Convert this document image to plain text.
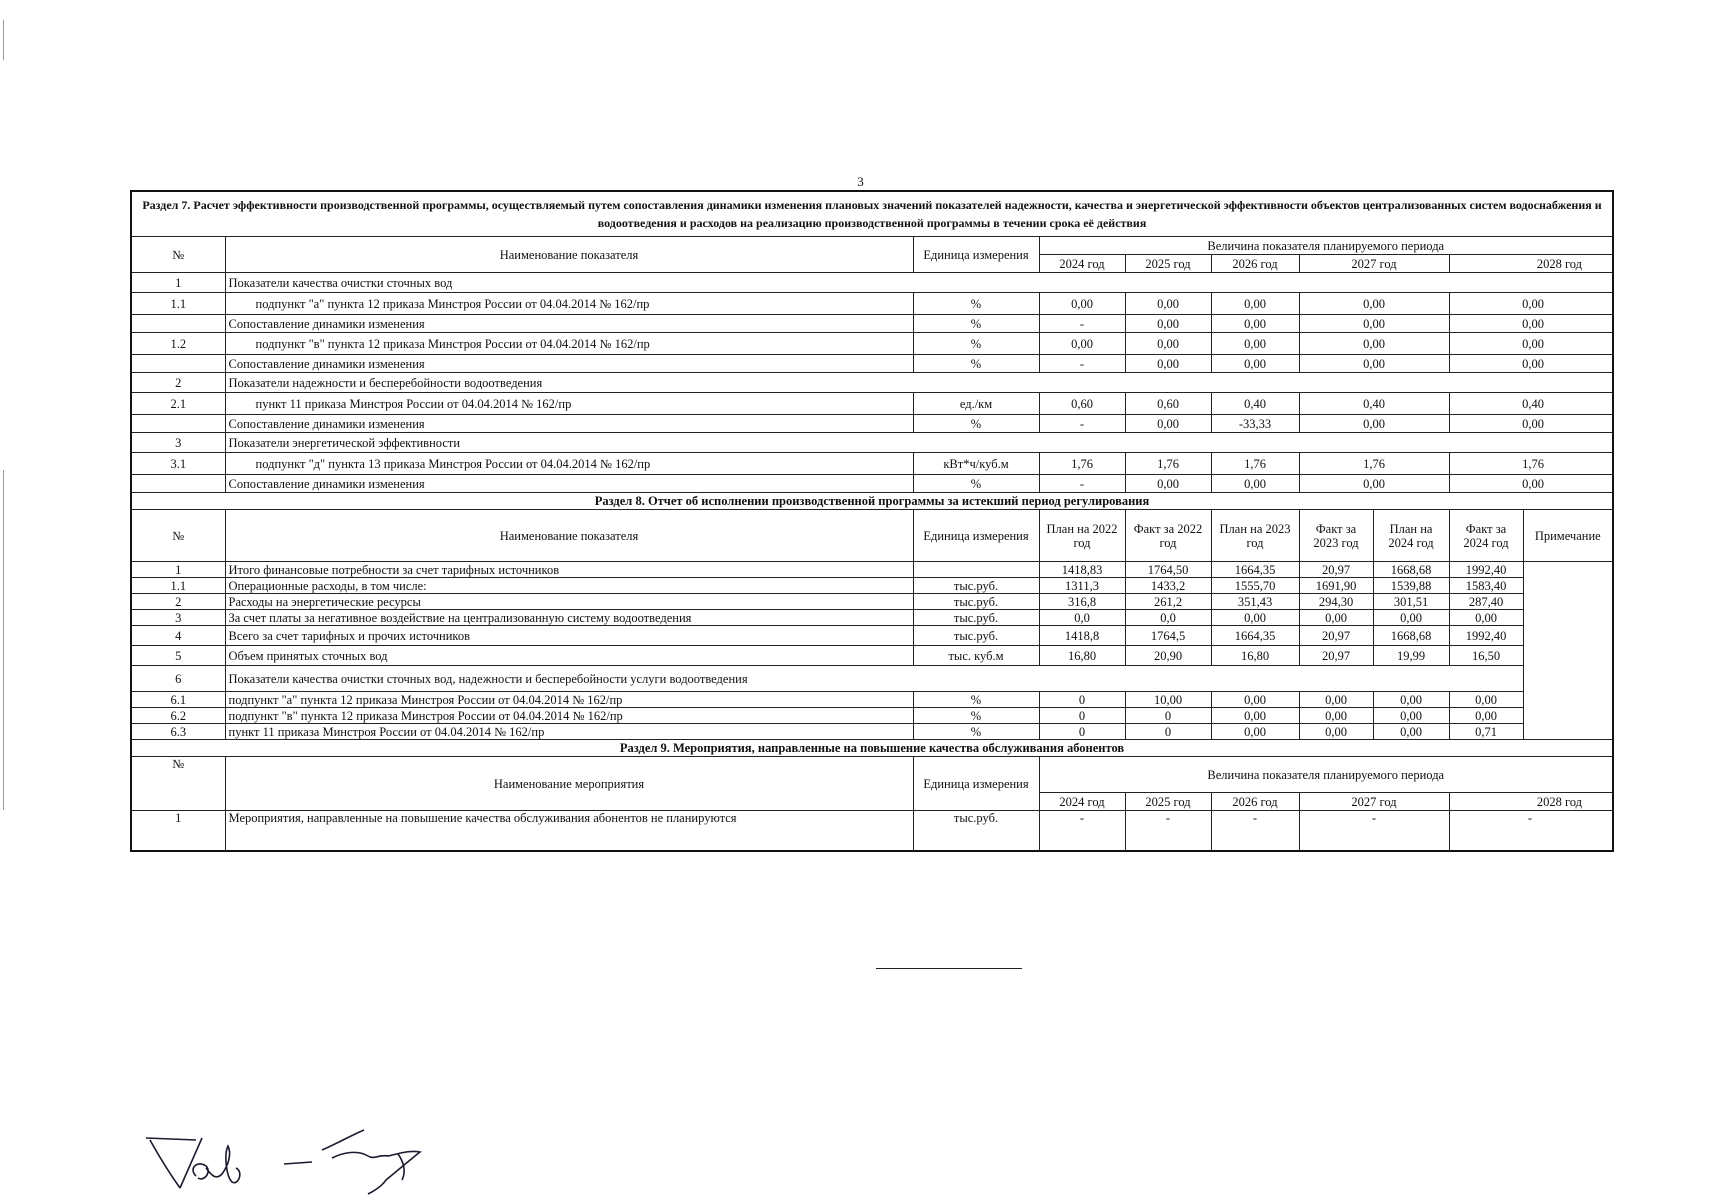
3
Раздел 7. Расчет эффективности производственной программы, осуществляемый путем сопоставления динамики изменения плановых значений показателей надежности, качества и энергетической эффективности объектов централизованных систем водоснабжения и водоотведения и расходов на реализацию производственной программы в течении срока её действия									
№	Наименование показателя	Единица измерения	Величина показателя планируемого периода						
			2024 год	2025 год	2026 год	2027 год		2028 год	
1	Показатели качества очистки сточных вод								
1.1	подпункт "а" пункта 12 приказа Минстроя России от 04.04.2014 № 162/пр	%	0,00	0,00	0,00	0,00		0,00	
	Сопоставление динамики изменения	%	-	0,00	0,00	0,00		0,00	
1.2	подпункт "в" пункта 12 приказа Минстроя России от 04.04.2014 № 162/пр	%	0,00	0,00	0,00	0,00		0,00	
	Сопоставление динамики изменения	%	-	0,00	0,00	0,00		0,00	
2	Показатели надежности и бесперебойности водоотведения								
2.1	пункт 11 приказа Минстроя России от 04.04.2014 № 162/пр	ед./км	0,60	0,60	0,40	0,40		0,40	
	Сопоставление динамики изменения	%	-	0,00	-33,33	0,00		0,00	
3	Показатели энергетической эффективности								
3.1	подпункт "д" пункта 13 приказа Минстроя России от 04.04.2014 № 162/пр	кВт*ч/куб.м	1,76	1,76	1,76	1,76		1,76	
	Сопоставление динамики изменения	%	-	0,00	0,00	0,00		0,00	
Раздел 8. Отчет об исполнении производственной программы за истекший период регулирования									
№	Наименование показателя	Единица измерения	План на 2022 год	Факт за 2022 год	План на 2023 год	Факт за 2023 год	План на 2024 год	Факт за 2024 год	Примечание
1	Итого финансовые потребности за счет тарифных источников		1418,83	1764,50	1664,35	20,97	1668,68	1992,40	
1.1	Операционные расходы, в том числе:	тыс.руб.	1311,3	1433,2	1555,70	1691,90	1539,88	1583,40	
2	Расходы на энергетические ресурсы	тыс.руб.	316,8	261,2	351,43	294,30	301,51	287,40	
3	За счет платы за негативное воздействие на централизованную систему водоотведения	тыс.руб.	0,0	0,0	0,00	0,00	0,00	0,00	
4	Всего за счет тарифных и прочих источников	тыс.руб.	1418,8	1764,5	1664,35	20,97	1668,68	1992,40	
5	Объем принятых сточных вод	тыс. куб.м	16,80	20,90	16,80	20,97	19,99	16,50	
6	Показатели качества очистки сточных вод, надежности и бесперебойности услуги водоотведения								
6.1	подпункт "а" пункта 12 приказа Минстроя России от 04.04.2014 № 162/пр	%	0	10,00	0,00	0,00	0,00	0,00	
6.2	подпункт "в" пункта 12 приказа Минстроя России от 04.04.2014 № 162/пр	%	0	0	0,00	0,00	0,00	0,00	
6.3	пункт 11 приказа Минстроя России от 04.04.2014 № 162/пр	%	0	0	0,00	0,00	0,00	0,71	
Раздел 9. Мероприятия, направленные на повышение качества обслуживания абонентов									
№	Наименование мероприятия	Единица измерения	Величина показателя планируемого периода						
			2024 год	2025 год	2026 год	2027 год		2028 год	
1	Мероприятия, направленные на повышение качества обслуживания абонентов не планируются	тыс.руб.	-	-	-	-		-	
